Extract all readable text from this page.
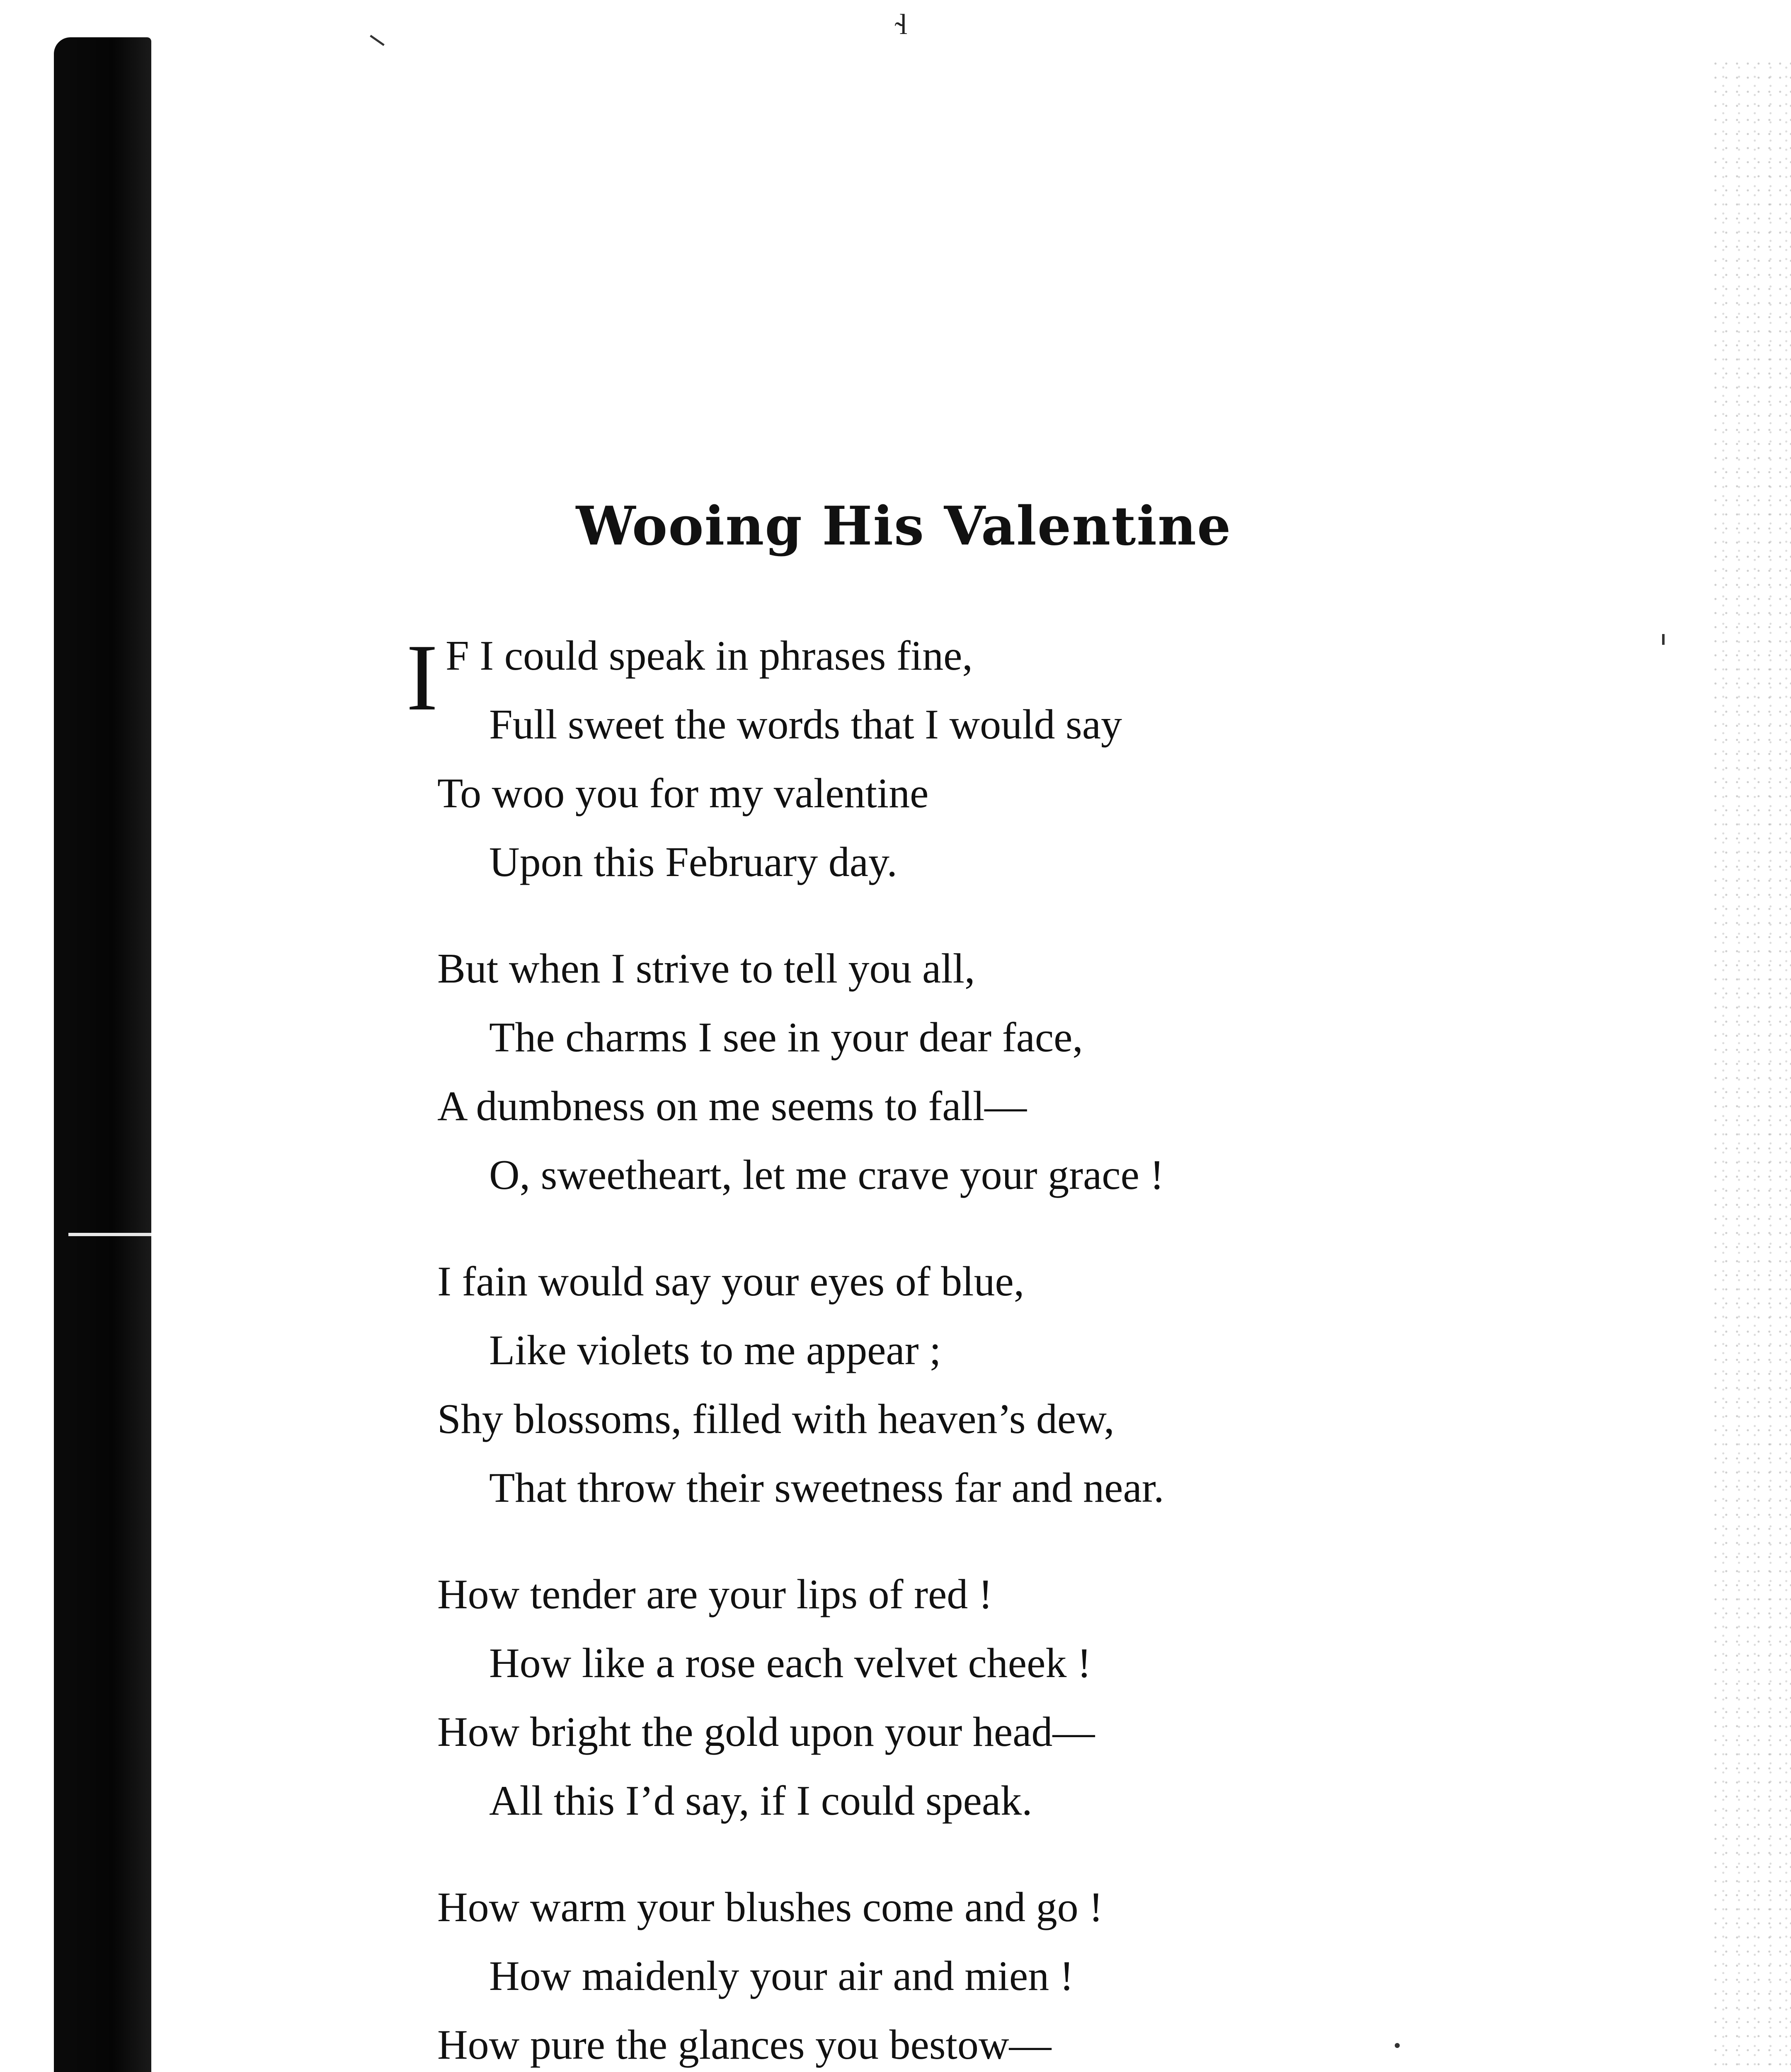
̴l
Wooing His Valentine
I F I could speak in phrases fine,
Full sweet the words that I would say
To woo you for my valentine
Upon this February day.
But when I strive to tell you all,
The charms I see in your dear face,
A dumbness on me seems to fall—
O, sweetheart, let me crave your grace !
I fain would say your eyes of blue,
Like violets to me appear ;
Shy blossoms, filled with heaven’s dew,
That throw their sweetness far and near.
How tender are your lips of red !
How like a rose each velvet cheek !
How bright the gold upon your head—
All this I’d say, if I could speak.
How warm your blushes come and go !
How maidenly your air and mien !
How pure the glances you bestow—
